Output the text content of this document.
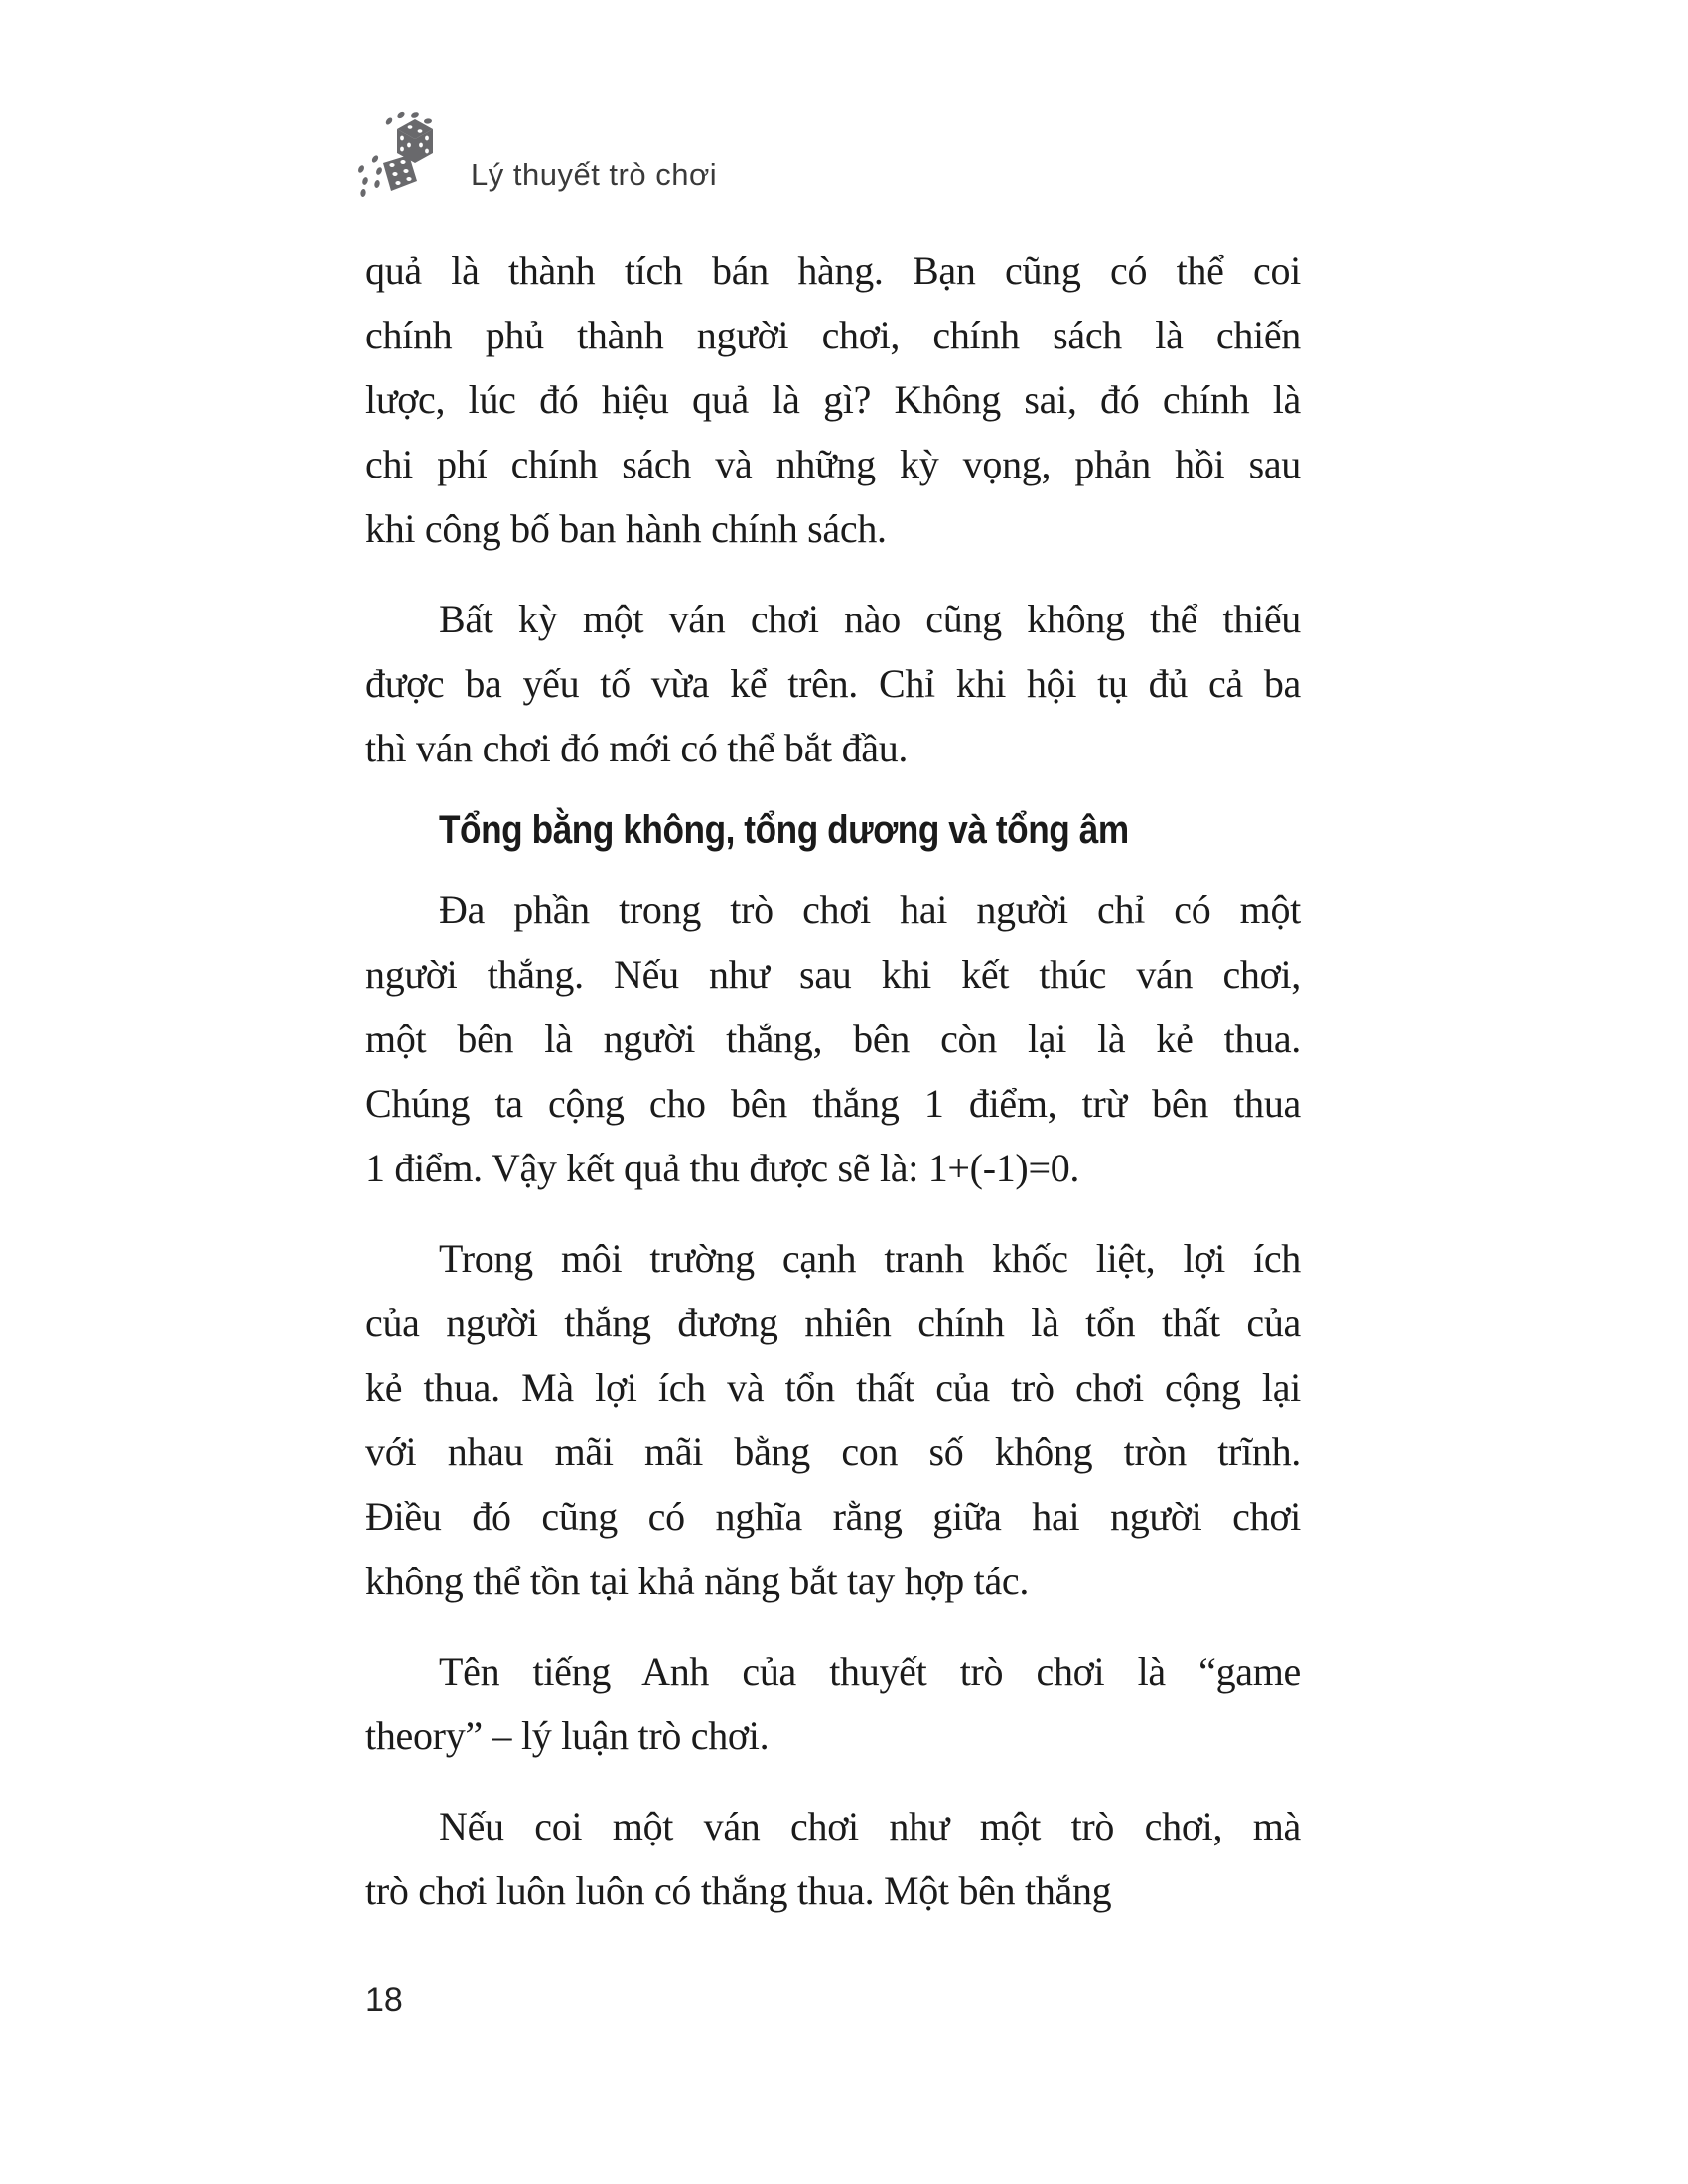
Lý thuyết trò chơi
quả là thành tích bán hàng. Bạn cũng có thể coi
chính phủ thành người chơi, chính sách là chiến
lược, lúc đó hiệu quả là gì? Không sai, đó chính là
chi phí chính sách và những kỳ vọng, phản hồi sau
khi công bố ban hành chính sách.
Bất kỳ một ván chơi nào cũng không thể thiếu
được ba yếu tố vừa kể trên. Chỉ khi hội tụ đủ cả ba
thì ván chơi đó mới có thể bắt đầu.
Tổng bằng không, tổng dương và tổng âm
Đa phần trong trò chơi hai người chỉ có một
người thắng. Nếu như sau khi kết thúc ván chơi,
một bên là người thắng, bên còn lại là kẻ thua.
Chúng ta cộng cho bên thắng 1 điểm, trừ bên thua
1 điểm. Vậy kết quả thu được sẽ là: 1+(-1)=0.
Trong môi trường cạnh tranh khốc liệt, lợi ích
của người thắng đương nhiên chính là tổn thất của
kẻ thua. Mà lợi ích và tổn thất của trò chơi cộng lại
với nhau mãi mãi bằng con số không tròn trĩnh.
Điều đó cũng có nghĩa rằng giữa hai người chơi
không thể tồn tại khả năng bắt tay hợp tác.
Tên tiếng Anh của thuyết trò chơi là “game
theory” – lý luận trò chơi.
Nếu coi một ván chơi như một trò chơi, mà
trò chơi luôn luôn có thắng thua. Một bên thắng
18
